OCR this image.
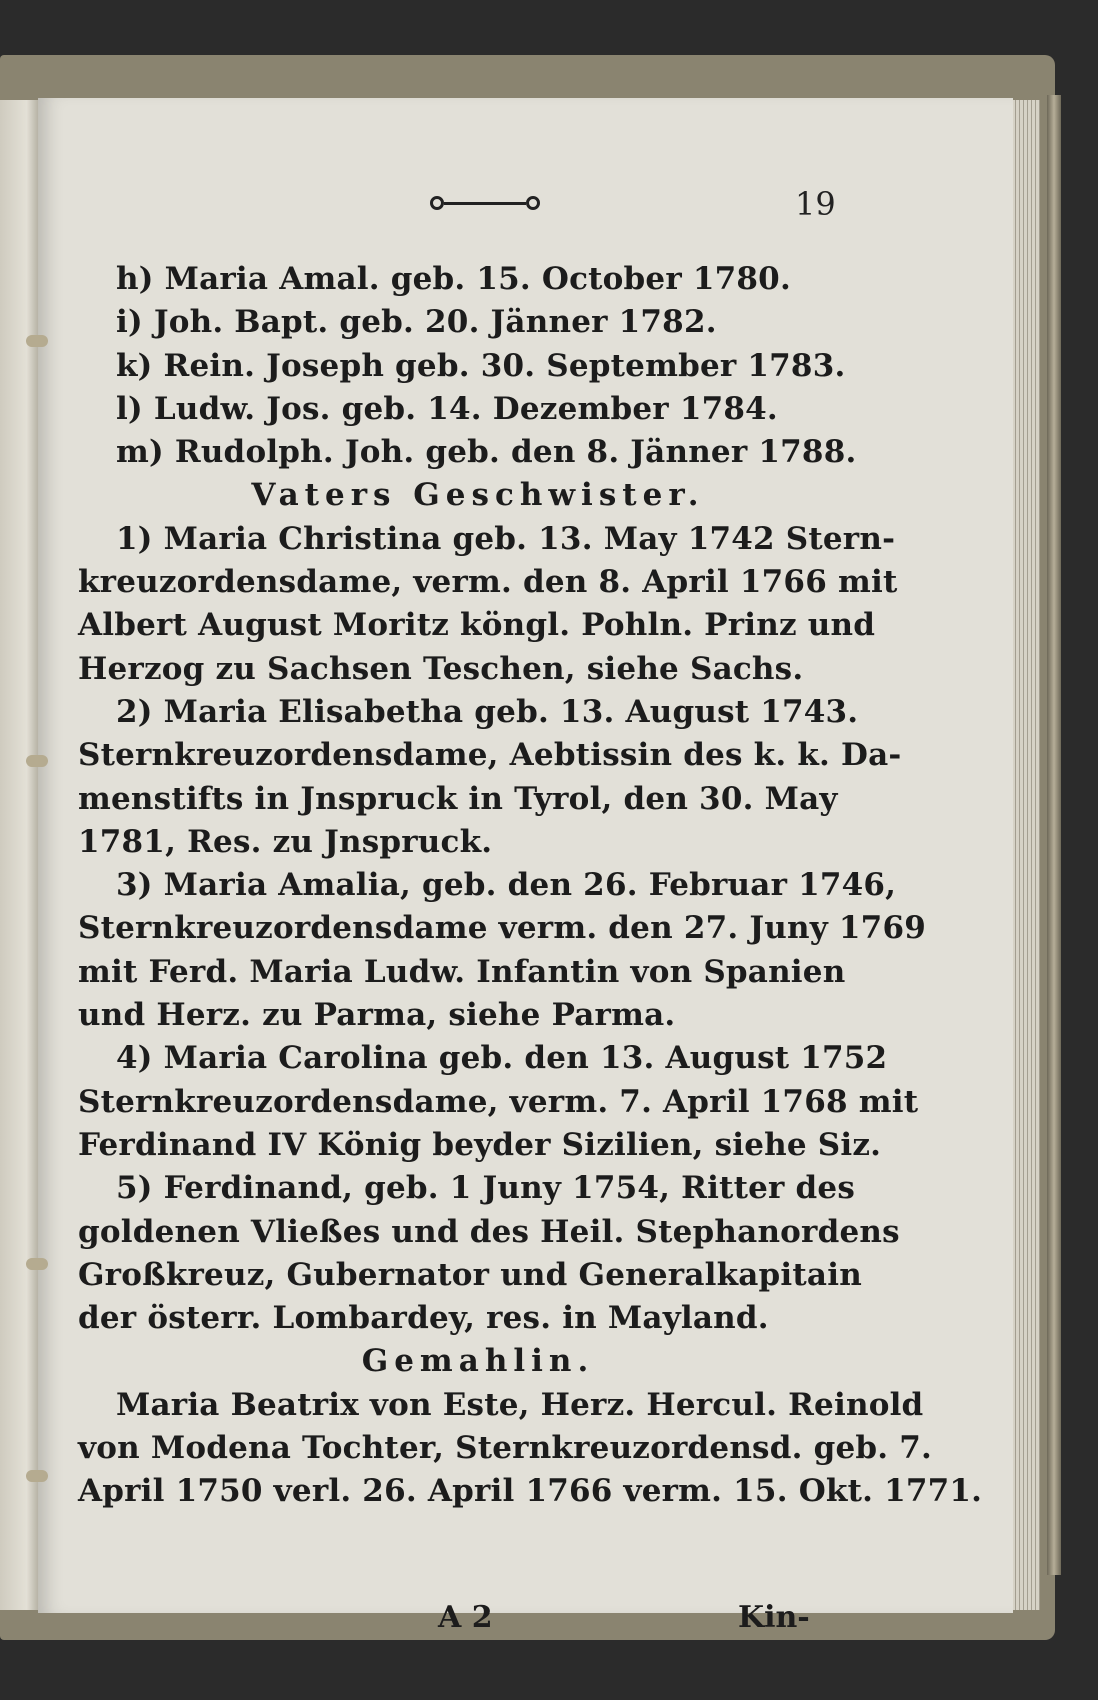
19
h) Maria Amal. geb. 15. October 1780.
i) Joh. Bapt. geb. 20. Jänner 1782.
k) Rein. Joseph geb. 30. September 1783.
l) Ludw. Jos. geb. 14. Dezember 1784.
m) Rudolph. Joh. geb. den 8. Jänner 1788.
Vaters Geschwister.
1) Maria Christina geb. 13. May 1742 Stern-
kreuzordensdame, verm. den 8. April 1766 mit
Albert August Moritz köngl. Pohln. Prinz und
Herzog zu Sachsen Teschen, siehe Sachs.
2) Maria Elisabetha geb. 13. August 1743.
Sternkreuzordensdame, Aebtissin des k. k. Da-
menstifts in Jnspruck in Tyrol, den 30. May
1781, Res. zu Jnspruck.
3) Maria Amalia, geb. den 26. Februar 1746,
Sternkreuzordensdame verm. den 27. Juny 1769
mit Ferd. Maria Ludw. Infantin von Spanien
und Herz. zu Parma, siehe Parma.
4) Maria Carolina geb. den 13. August 1752
Sternkreuzordensdame, verm. 7. April 1768 mit
Ferdinand IV König beyder Sizilien, siehe Siz.
5) Ferdinand, geb. 1 Juny 1754, Ritter des
goldenen Vließes und des Heil. Stephanordens
Großkreuz, Gubernator und Generalkapitain
der österr. Lombardey, res. in Mayland.
Gemahlin.
Maria Beatrix von Este, Herz. Hercul. Reinold
von Modena Tochter, Sternkreuzordensd. geb. 7.
April 1750 verl. 26. April 1766 verm. 15. Okt. 1771.
A 2	Kin-
